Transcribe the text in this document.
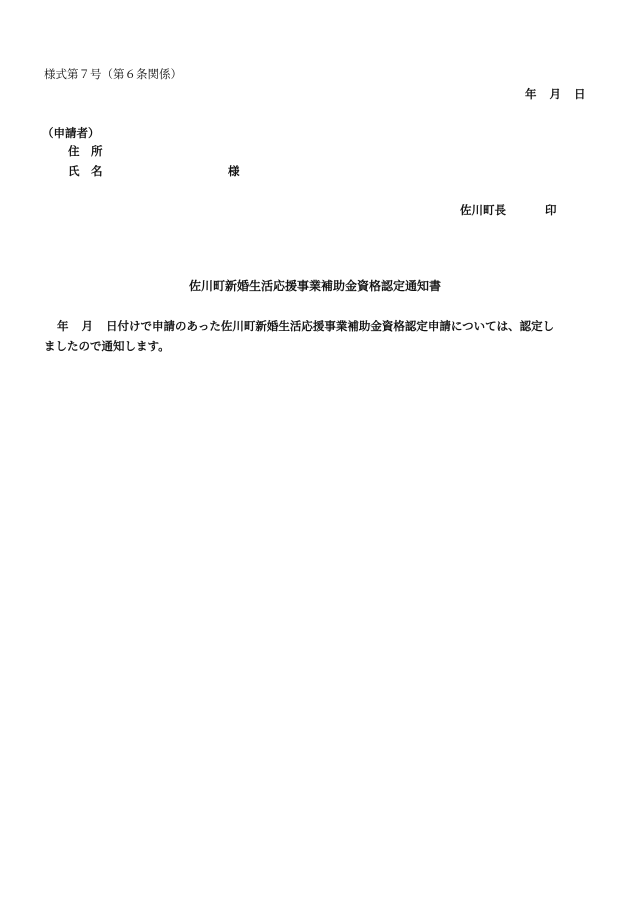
様式第７号（第６条関係）
年 月 日
（申請者）
住　所
氏　名	様
佐川町長	印
佐川町新婚生活応援事業補助金資格認定通知書
年 月 日付けで申請のあった佐川町新婚生活応援事業補助金資格認定申請については、認定し
ましたので通知します。
